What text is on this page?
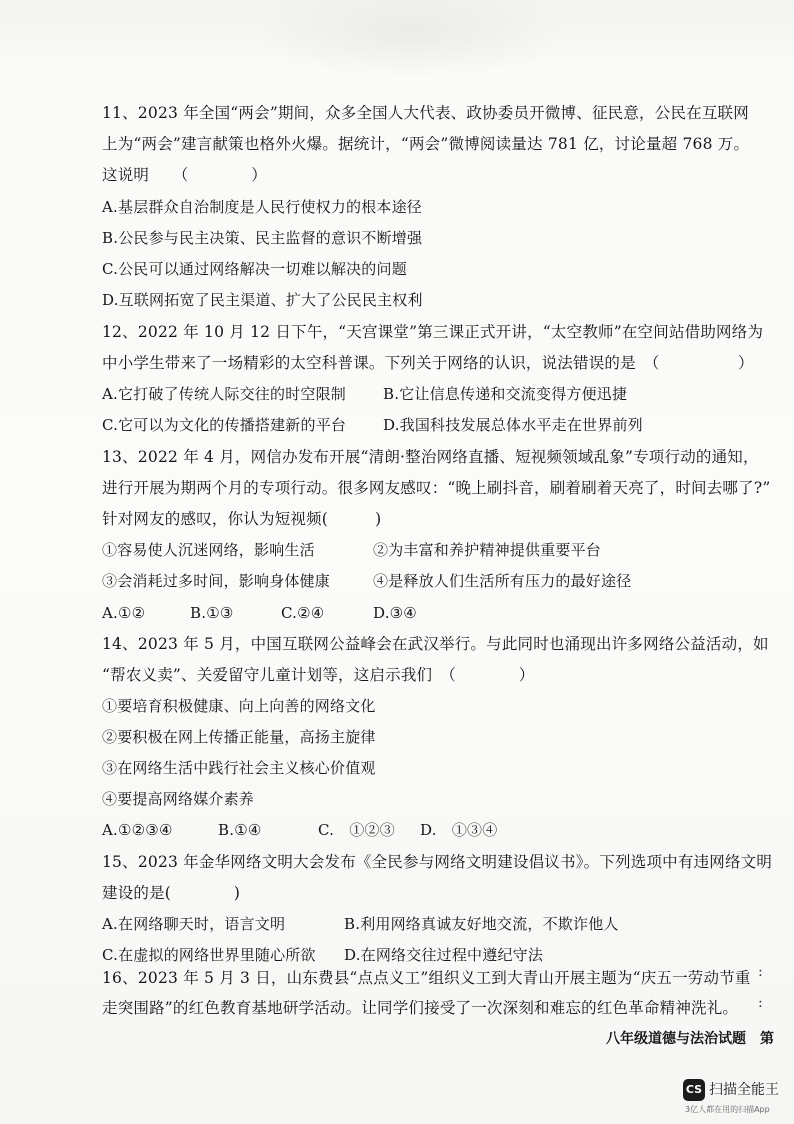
11、2023 年全国“两会”期间，众多全国人大代表、政协委员开微博、征民意，公民在互联网
上为“两会”建言献策也格外火爆。据统计，“两会”微博阅读量达 781 亿，讨论量超 768 万。
这说明　　（　　　　）
A.基层群众自治制度是人民行使权力的根本途径
B.公民参与民主决策、民主监督的意识不断增强
C.公民可以通过网络解决一切难以解决的问题
D.互联网拓宽了民主渠道、扩大了公民民主权利
12、2022 年 10 月 12 日下午，“天宫课堂”第三课正式开讲，“太空教师”在空间站借助网络为
中小学生带来了一场精彩的太空科普课。下列关于网络的认识，说法错误的是　（　　　　　）
A.它打破了传统人际交往的时空限制 B.它让信息传递和交流变得方便迅捷
C.它可以为文化的传播搭建新的平台 D.我国科技发展总体水平走在世界前列
13、2022 年 4 月，网信办发布开展“清朗·整治网络直播、短视频领域乱象”专项行动的通知，
进行开展为期两个月的专项行动。很多网友感叹：“晚上刷抖音，刷着刷着天亮了，时间去哪了?”
针对网友的感叹，你认为短视频(　　　)
①容易使人沉迷网络，影响生活	②为丰富和养护精神提供重要平台
③会消耗过多时间，影响身体健康	④是释放人们生活所有压力的最好途径
A.①②	B.①③	C.②④	D.③④
14、2023 年 5 月，中国互联网公益峰会在武汉举行。与此同时也涌现出许多网络公益活动，如
“帮农义卖”、关爱留守儿童计划等，这启示我们　（　　　　）
①要培育积极健康、向上向善的网络文化
②要积极在网上传播正能量，高扬主旋律
③在网络生活中践行社会主义核心价值观
④要提高网络媒介素养
A.①②③④	B.①④	C.　①②③ D.　①③④
15、2023 年金华网络文明大会发布《全民参与网络文明建设倡议书》。下列选项中有违网络文明
建设的是(　　　　)
A.在网络聊天时，语言文明	B.利用网络真诚友好地交流，不欺诈他人
C.在虚拟的网络世界里随心所欲 D.在网络交往过程中遵纪守法
16、2023 年 5 月 3 日，山东费县“点点义工”组织义工到大青山开展主题为“庆五一劳动节重
走突围路”的红色教育基地研学活动。让同学们接受了一次深刻和难忘的红色革命精神洗礼。
:
:
八年级道德与法治试题　第
CS 扫描全能王
3亿人都在用的扫描App
